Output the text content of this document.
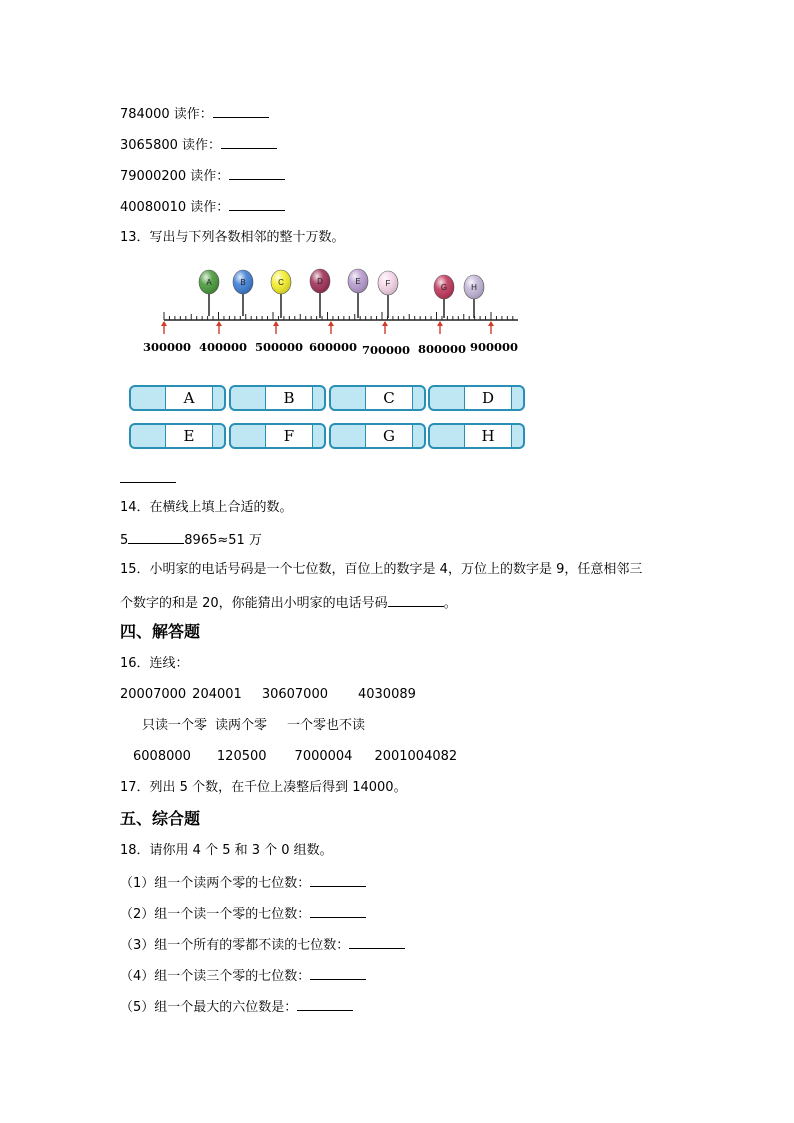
784000 读作：
3065800 读作：
79000200 读作：
40080010 读作：
13．写出与下列各数相邻的整十万数。
A	B	C	D	E	F	G	H
300000 400000 500000 600000 700000 800000 900000
A	B	C	D
E	F	G	H
14．在横线上填上合适的数。
5	8965≈51 万
15．小明家的电话号码是一个七位数，百位上的数字是 4，万位上的数字是 9，任意相邻三
个数字的和是 20，你能猜出小明家的电话号码	。
四、解答题
16．连线：
20007000 204001 30607000 4030089
只读一个零 读两个零 一个零也不读
6008000 120500 7000004 2001004082
17．列出 5 个数，在千位上凑整后得到 14000。
五、综合题
18．请你用 4 个 5 和 3 个 0 组数。
（1）组一个读两个零的七位数：
（2）组一个读一个零的七位数：
（3）组一个所有的零都不读的七位数：
（4）组一个读三个零的七位数：
（5）组一个最大的六位数是：
